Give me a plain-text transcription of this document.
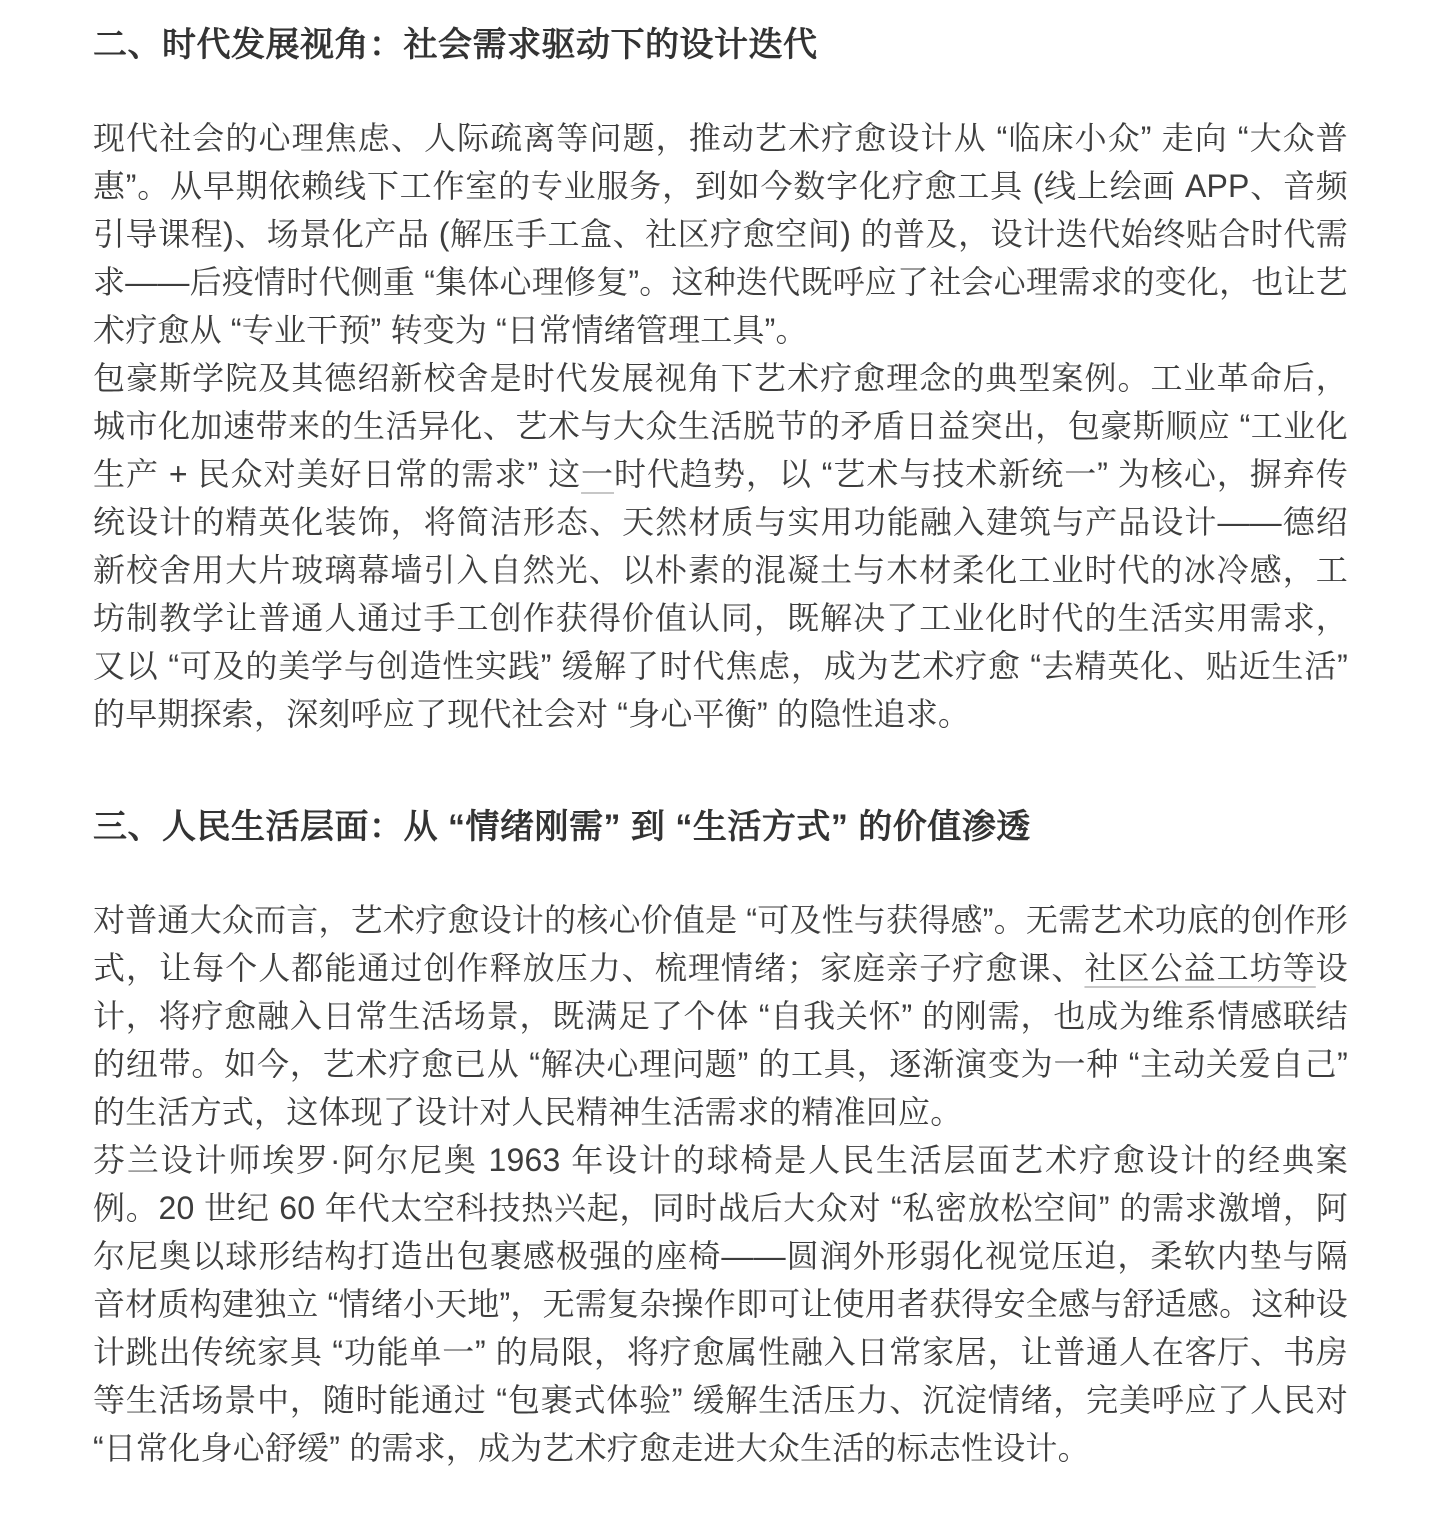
二、时代发展视角：社会需求驱动下的设计迭代

现代社会的心理焦虑、人际疏离等问题，推动艺术疗愈设计从 “临床小众” 走向 “大众普惠”。从早期依赖线下工作室的专业服务，到如今数字化疗愈工具 (线上绘画 APP、音频引导课程)、场景化产品 (解压手工盒、社区疗愈空间) 的普及，设计迭代始终贴合时代需求——后疫情时代侧重 “集体心理修复”。这种迭代既呼应了社会心理需求的变化，也让艺术疗愈从 “专业干预” 转变为 “日常情绪管理工具”。

包豪斯学院及其德绍新校舍是时代发展视角下艺术疗愈理念的典型案例。工业革命后，城市化加速带来的生活异化、艺术与大众生活脱节的矛盾日益突出，包豪斯顺应 “工业化生产 + 民众对美好日常的需求” 这一时代趋势，以 “艺术与技术新统一” 为核心，摒弃传统设计的精英化装饰，将简洁形态、天然材质与实用功能融入建筑与产品设计——德绍新校舍用大片玻璃幕墙引入自然光、以朴素的混凝土与木材柔化工业时代的冰冷感，工坊制教学让普通人通过手工创作获得价值认同，既解决了工业化时代的生活实用需求，又以 “可及的美学与创造性实践” 缓解了时代焦虑，成为艺术疗愈 “去精英化、贴近生活” 的早期探索，深刻呼应了现代社会对 “身心平衡” 的隐性追求。

三、人民生活层面：从 “情绪刚需” 到 “生活方式” 的价值渗透

对普通大众而言，艺术疗愈设计的核心价值是 “可及性与获得感”。无需艺术功底的创作形式，让每个人都能通过创作释放压力、梳理情绪；家庭亲子疗愈课、社区公益工坊等设计，将疗愈融入日常生活场景，既满足了个体 “自我关怀” 的刚需，也成为维系情感联结的纽带。如今，艺术疗愈已从 “解决心理问题” 的工具，逐渐演变为一种 “主动关爱自己” 的生活方式，这体现了设计对人民精神生活需求的精准回应。

芬兰设计师埃罗·阿尔尼奥 1963 年设计的球椅是人民生活层面艺术疗愈设计的经典案例。20 世纪 60 年代太空科技热兴起，同时战后大众对 “私密放松空间” 的需求激增，阿尔尼奥以球形结构打造出包裹感极强的座椅——圆润外形弱化视觉压迫，柔软内垫与隔音材质构建独立 “情绪小天地”，无需复杂操作即可让使用者获得安全感与舒适感。这种设计跳出传统家具 “功能单一” 的局限，将疗愈属性融入日常家居，让普通人在客厅、书房等生活场景中，随时能通过 “包裹式体验” 缓解生活压力、沉淀情绪，完美呼应了人民对 “日常化身心舒缓” 的需求，成为艺术疗愈走进大众生活的标志性设计。
